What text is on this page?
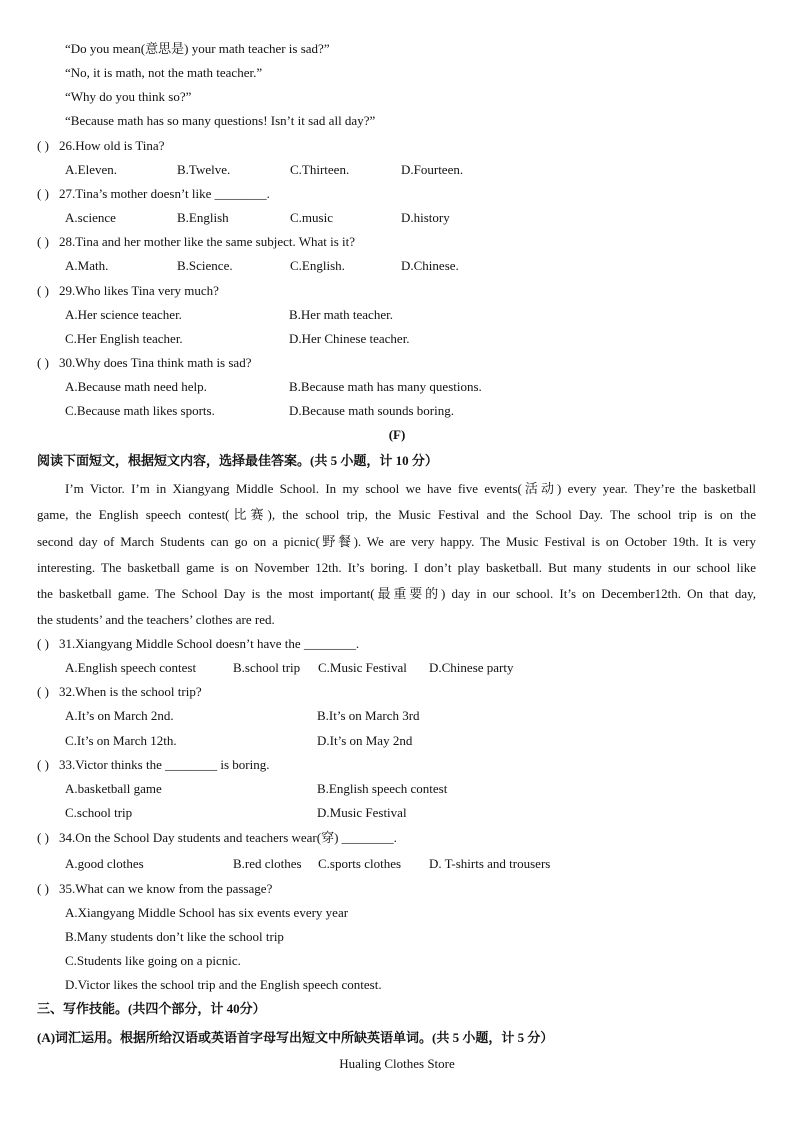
“Do you mean(意思是) your math teacher is sad?”
“No, it is math, not the math teacher.”
“Why do you think so?”
“Because math has so many questions! Isn’t it sad all day?”
( ) 26.How old is Tina?
A.Eleven.	B.Twelve.	C.Thirteen.	D.Fourteen.
( ) 27.Tina’s mother doesn’t like ________.
A.science	B.English	C.music	D.history
( ) 28.Tina and her mother like the same subject. What is it?
A.Math.	B.Science.	C.English.	D.Chinese.
( ) 29.Who likes Tina very much?
A.Her science teacher.	B.Her math teacher.
C.Her English teacher.	D.Her Chinese teacher.
( ) 30.Why does Tina think math is sad?
A.Because math need help.	B.Because math has many questions.
C.Because math likes sports.	D.Because math sounds boring.
(F)
阅读下面短文，根据短文内容，选择最佳答案。(共 5 小题，计 10 分）
I’m Victor. I’m in Xiangyang Middle School. In my school we have five events(活动) every year. They’re the basketball
game, the English speech contest(比赛), the school trip, the Music Festival and the School Day. The school trip is on the
second day of March Students can go on a picnic(野餐). We are very happy. The Music Festival is on October 19th. It is very
interesting. The basketball game is on November 12th. It’s boring. I don’t play basketball. But many students in our school like
the basketball game. The School Day is the most important(最重要的) day in our school. It’s on December12th. On that day,
the students’ and the teachers’ clothes are red.
( ) 31.Xiangyang Middle School doesn’t have the ________.
A.English speech contest	B.school trip C.Music Festival D.Chinese party
( ) 32.When is the school trip?
A.It’s on March 2nd.	B.It’s on March 3rd
C.It’s on March 12th.	D.It’s on May 2nd
( ) 33.Victor thinks the ________ is boring.
A.basketball game	B.English speech contest
C.school trip	D.Music Festival
( ) 34.On the School Day students and teachers wear(穿) ________.
A.good clothes	B.red clothes C.sports clothes D. T-shirts and trousers
( ) 35.What can we know from the passage?
A.Xiangyang Middle School has six events every year
B.Many students don’t like the school trip
C.Students like going on a picnic.
D.Victor likes the school trip and the English speech contest.
三、写作技能。(共四个部分，计 40分）
(A)词汇运用。根据所给汉语或英语首字母写出短文中所缺英语单词。(共 5 小题，计 5 分）
Hualing Clothes Store
